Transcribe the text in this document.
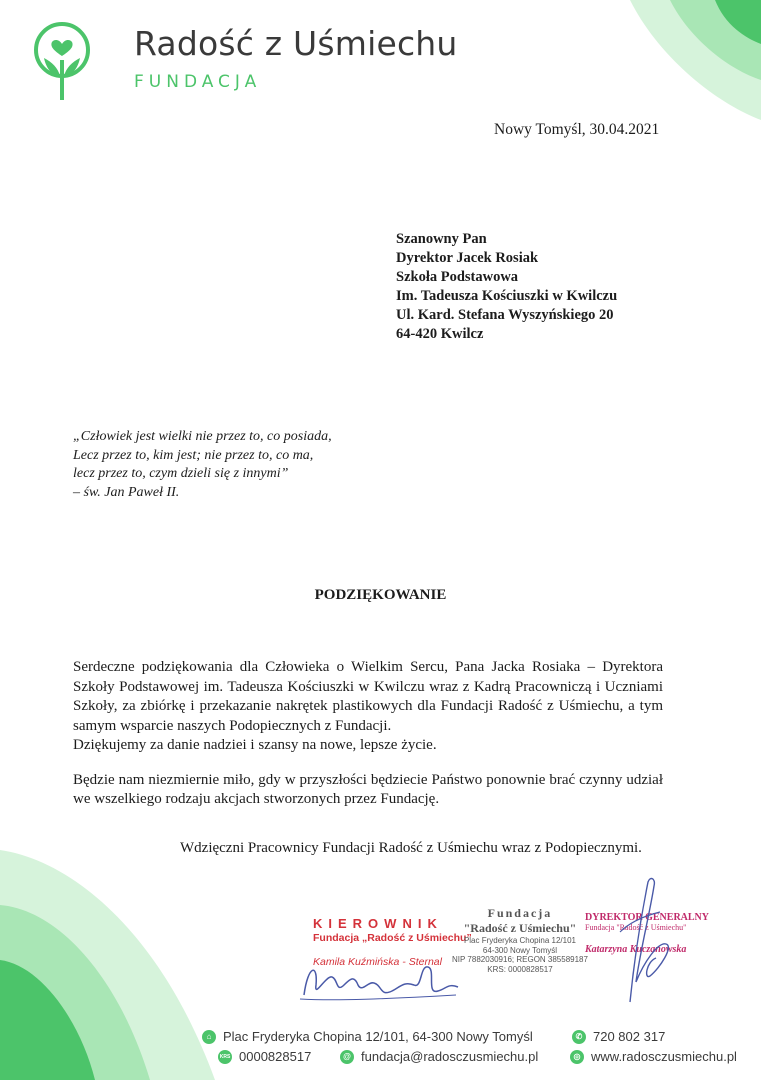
Radość z Uśmiechu
FUNDACJA
Nowy Tomyśl, 30.04.2021
Szanowny Pan
Dyrektor Jacek Rosiak
Szkoła Podstawowa
Im. Tadeusza Kościuszki w Kwilczu
Ul. Kard. Stefana Wyszyńskiego 20
64-420 Kwilcz
„Człowiek jest wielki nie przez to, co posiada,
Lecz przez to, kim jest; nie przez to, co ma,
lecz przez to, czym dzieli się z innymi”
– św. Jan Paweł II.
PODZIĘKOWANIE

Serdeczne podziękowania dla Człowieka o Wielkim Sercu, Pana Jacka Rosiaka – Dyrektora Szkoły Podstawowej im. Tadeusza Kościuszki w Kwilczu wraz z Kadrą Pracowniczą i Uczniami Szkoły, za zbiórkę i przekazanie nakrętek plastikowych dla Fundacji Radość z Uśmiechu, a tym samym wsparcie naszych Podopiecznych z Fundacji.

Dziękujemy za danie nadziei i szansy na nowe, lepsze życie.

Będzie nam niezmiernie miło, gdy w przyszłości będziecie Państwo ponownie brać czynny udział we wszelkiego rodzaju akcjach stworzonych przez Fundację.

Wdzięczni Pracownicy Fundacji Radość z Uśmiechu wraz z Podopiecznymi.
KIEROWNIK
Fundacja „Radość z Uśmiechu”
Kamila Kuźmińska - Sternal
Fundacja
"Radość z Uśmiechu"
Plac Fryderyka Chopina 12/101
64-300 Nowy Tomyśl
NIP 7882030916; REGON 385589187
KRS: 0000828517
DYREKTOR GENERALNY
Fundacja "Radość z Uśmiechu"
Katarzyna Kuczanowska
⌂ Plac Fryderyka Chopina 12/101, 64-300 Nowy Tomyśl	✆ 720 802 317
KRS 0000828517	@ fundacja@radosczusmiechu.pl	◎ www.radosczusmiechu.pl
